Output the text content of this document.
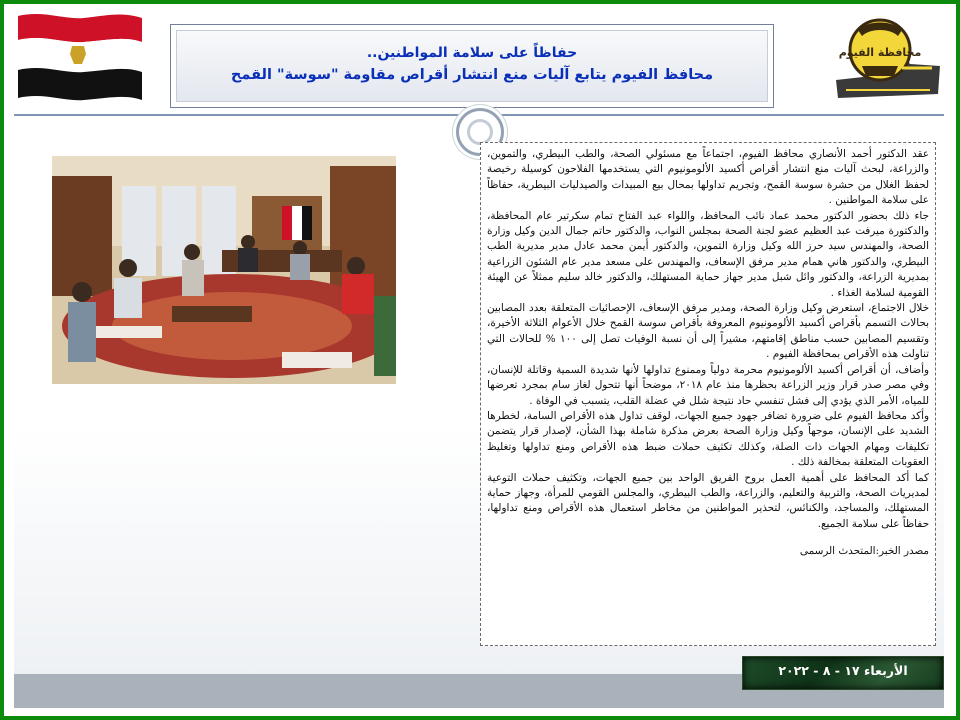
محافظة الفيوم
حفاظاً على سلامة المواطنين..
محافظ الفيوم يتابع آليات منع انتشار أقراص مقاومة "سوسة" القمح

عقد الدكتور أحمد الأنصاري محافظ الفيوم، اجتماعاً مع مسئولي الصحة، والطب البيطري، والتموين، والزراعة، لبحث آليات منع انتشار أقراص أكسيد الألومونيوم التي يستخدمها الفلاحون كوسيلة رخيصة لحفظ الغلال من حشرة سوسة القمح، وتجريم تداولها بمحال بيع المبيدات والصيدليات البيطرية، حفاظاً على سلامة المواطنين .

جاء ذلك بحضور الدكتور محمد عماد نائب المحافظ، واللواء عبد الفتاح تمام سكرتير عام المحافظة، والدكتورة ميرفت عبد العظيم عضو لجنة الصحة بمجلس النواب، والدكتور حاتم جمال الدين وكيل وزارة الصحة، والمهندس سيد حرز الله وكيل وزارة التموين، والدكتور أيمن محمد عادل مدير مديرية الطب البيطري، والدكتور هاني همام مدير مرفق الإسعاف، والمهندس على مسعد مدير عام الشئون الزراعية بمديرية الزراعة، والدكتور وائل شبل مدير جهاز حماية المستهلك، والدكتور خالد سليم ممثلاً عن الهيئة القومية لسلامة الغذاء .

خلال الاجتماع، استعرض وكيل وزارة الصحة، ومدير مرفق الإسعاف، الإحصائيات المتعلقة بعدد المصابين بحالات التسمم بأقراص أكسيد الألومونيوم المعروفة بأقراص سوسة القمح خلال الأعوام الثلاثة الأخيرة، وتقسيم المصابين حسب مناطق إقامتهم، مشيراً إلى أن نسبة الوفيات تصل إلى ١٠٠ % للحالات التي تناولت هذه الأقراص بمحافظة الفيوم .

وأضاف، أن أقراص أكسيد الألومونيوم محرمة دولياً وممنوع تداولها لأنها شديدة السمية وقاتلة للإنسان، وفي مصر صدر قرار وزير الزراعة بحظرها منذ عام ٢٠١٨، موضحاً أنها تتحول لغاز سام بمجرد تعرضها للمياه، الأمر الذي يؤدي إلى فشل تنفسي حاد نتيجة شلل في عضلة القلب، يتسبب في الوفاة .

وأكد محافظ الفيوم على ضرورة تضافر جهود جميع الجهات، لوقف تداول هذه الأقراص السامة، لخطرها الشديد على الإنسان، موجهاً وكيل وزارة الصحة بعرض مذكرة شاملة بهذا الشأن، لإصدار قرار يتضمن تكليفات ومهام الجهات ذات الصلة، وكذلك تكثيف حملات ضبط هذه الأقراص ومنع تداولها وتغليظ العقوبات المتعلقة بمخالفة ذلك .

كما أكد المحافظ على أهمية العمل بروح الفريق الواحد بين جميع الجهات، وتكثيف حملات التوعية لمديريات الصحة، والتربية والتعليم، والزراعة، والطب البيطري، والمجلس القومي للمرأة، وجهاز حماية المستهلك، والمساجد، والكنائس، لتحذير المواطنين من مخاطر استعمال هذه الأقراص ومنع تداولها، حفاظاً على سلامة الجميع.

مصدر الخبر:المتحدث الرسمى

الأربعاء ١٧ - ٨ - ٢٠٢٢
